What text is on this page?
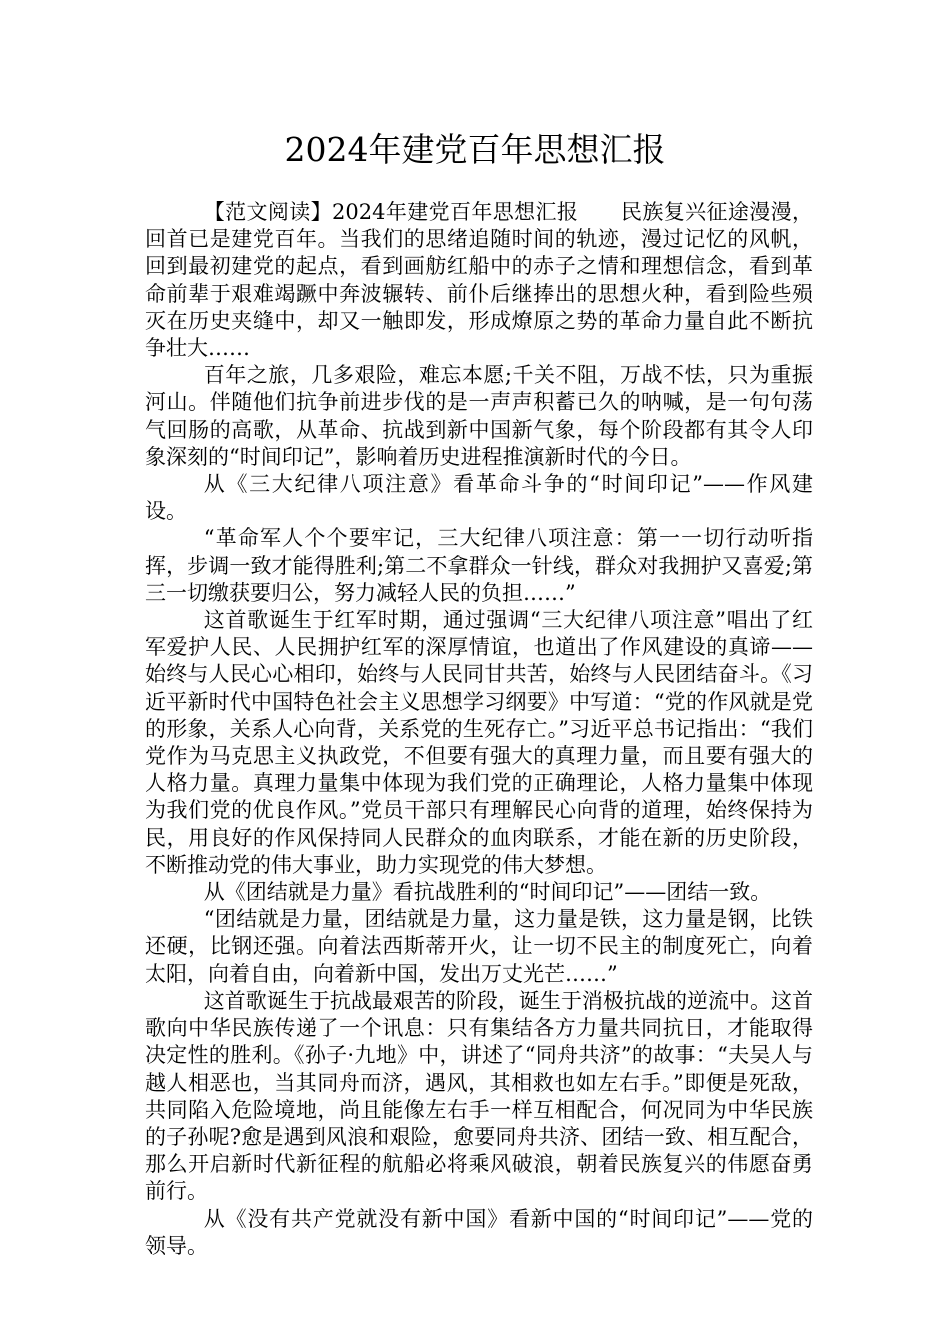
2024年建党百年思想汇报

【范文阅读】2024年建党百年思想汇报　　民族复兴征途漫漫，回首已是建党百年。当我们的思绪追随时间的轨迹，漫过记忆的风帆，回到最初建党的起点，看到画舫红船中的赤子之情和理想信念，看到革命前辈于艰难竭蹶中奔波辗转、前仆后继捧出的思想火种，看到险些殒灭在历史夹缝中，却又一触即发，形成燎原之势的革命力量自此不断抗争壮大……

百年之旅，几多艰险，难忘本愿;千关不阻，万战不怯，只为重振河山。伴随他们抗争前进步伐的是一声声积蓄已久的呐喊，是一句句荡气回肠的高歌，从革命、抗战到新中国新气象，每个阶段都有其令人印象深刻的“时间印记”，影响着历史进程推演新时代的今日。

从《三大纪律八项注意》看革命斗争的“时间印记”——作风建设。

“革命军人个个要牢记，三大纪律八项注意：第一一切行动听指挥，步调一致才能得胜利;第二不拿群众一针线，群众对我拥护又喜爱;第三一切缴获要归公，努力减轻人民的负担……”

这首歌诞生于红军时期，通过强调“三大纪律八项注意”唱出了红军爱护人民、人民拥护红军的深厚情谊，也道出了作风建设的真谛——始终与人民心心相印，始终与人民同甘共苦，始终与人民团结奋斗。《习近平新时代中国特色社会主义思想学习纲要》中写道：“党的作风就是党的形象，关系人心向背，关系党的生死存亡。”习近平总书记指出：“我们党作为马克思主义执政党，不但要有强大的真理力量，而且要有强大的人格力量。真理力量集中体现为我们党的正确理论，人格力量集中体现为我们党的优良作风。”党员干部只有理解民心向背的道理，始终保持为民，用良好的作风保持同人民群众的血肉联系，才能在新的历史阶段，不断推动党的伟大事业，助力实现党的伟大梦想。

从《团结就是力量》看抗战胜利的“时间印记”——团结一致。

“团结就是力量，团结就是力量，这力量是铁，这力量是钢，比铁还硬，比钢还强。向着法西斯蒂开火，让一切不民主的制度死亡，向着太阳，向着自由，向着新中国，发出万丈光芒……”

这首歌诞生于抗战最艰苦的阶段，诞生于消极抗战的逆流中。这首歌向中华民族传递了一个讯息：只有集结各方力量共同抗日，才能取得决定性的胜利。《孙子·九地》中，讲述了“同舟共济”的故事：“夫吴人与越人相恶也，当其同舟而济，遇风，其相救也如左右手。”即便是死敌，共同陷入危险境地，尚且能像左右手一样互相配合，何况同为中华民族的子孙呢?愈是遇到风浪和艰险，愈要同舟共济、团结一致、相互配合，那么开启新时代新征程的航船必将乘风破浪，朝着民族复兴的伟愿奋勇前行。

从《没有共产党就没有新中国》看新中国的“时间印记”——党的领导。
